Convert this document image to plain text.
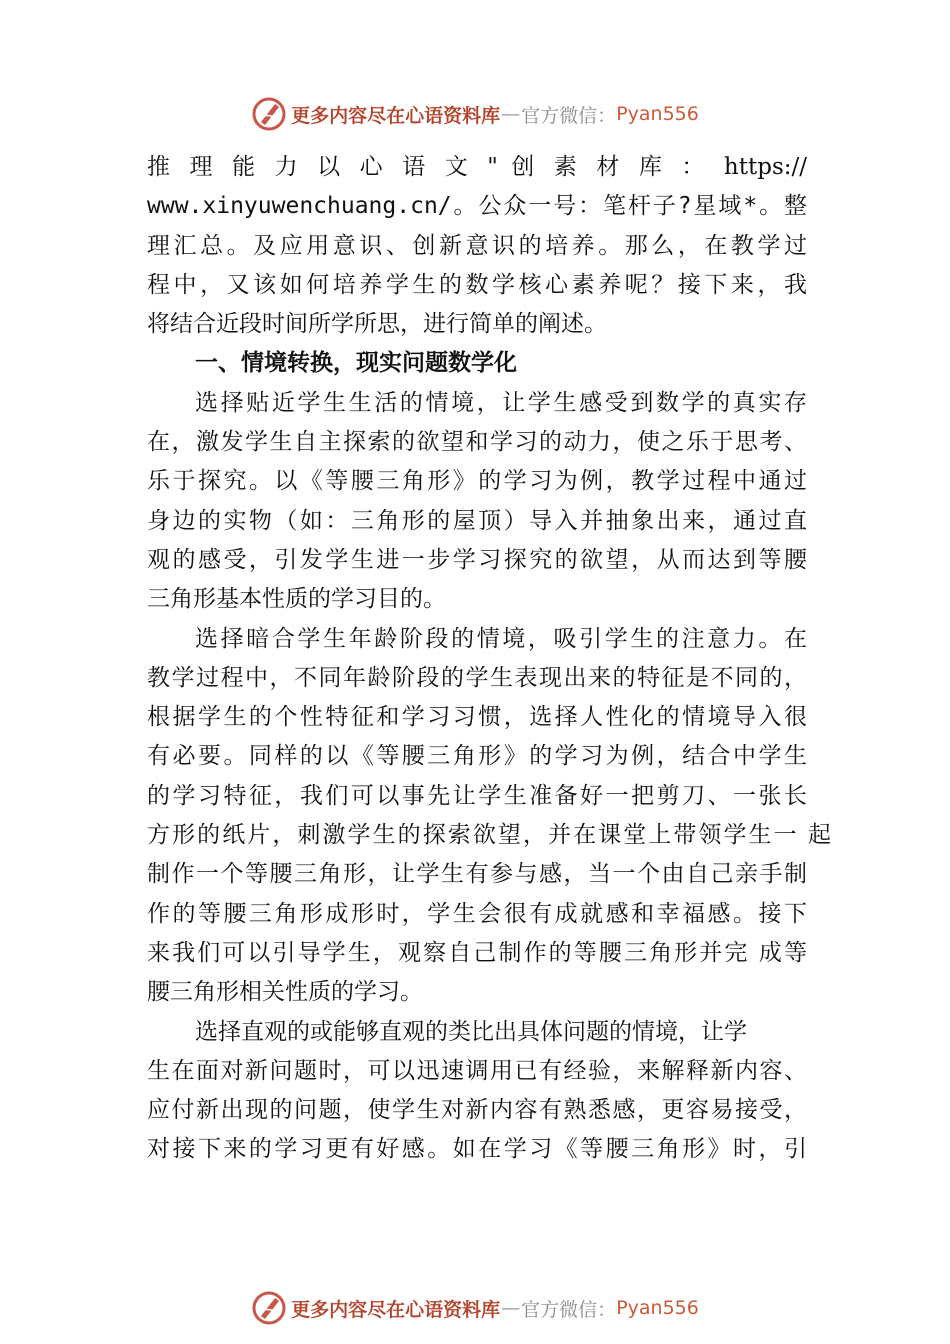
更多内容尽在心语资料库 — 官方微信： Pyan556
推 理 能 力 以 心 语 文 " 创 素 材 库 ： https://
www.xinyuwenchuang.cn/。公众一号：笔杆子?星域*。整
理汇总。及应用意识、创新意识的培养。那么，在教学过
程中，又该如何培养学生的数学核心素养呢？接下来，我
将结合近段时间所学所思，进行简单的阐述。
一、情境转换，现实问题数学化
选择贴近学生生活的情境，让学生感受到数学的真实存
在，激发学生自主探索的欲望和学习的动力，使之乐于思考、
乐于探究。以《等腰三角形》的学习为例，教学过程中通过
身边的实物（如：三角形的屋顶）导入并抽象出来，通过直
观的感受，引发学生进一步学习探究的欲望，从而达到等腰
三角形基本性质的学习目的。
选择暗合学生年龄阶段的情境，吸引学生的注意力。在
教学过程中，不同年龄阶段的学生表现出来的特征是不同的，
根据学生的个性特征和学习习惯，选择人性化的情境导入很
有必要。同样的以《等腰三角形》的学习为例，结合中学生
的学习特征，我们可以事先让学生准备好一把剪刀、一张长
方形的纸片，刺激学生的探索欲望，并在课堂上带领学生一 起
制作一个等腰三角形，让学生有参与感，当一个由自己亲手制
作的等腰三角形成形时，学生会很有成就感和幸福感。接下
来我们可以引导学生，观察自己制作的等腰三角形并完 成等
腰三角形相关性质的学习。
选择直观的或能够直观的类比出具体问题的情境，让学
生在面对新问题时，可以迅速调用已有经验，来解释新内容、
应付新出现的问题，使学生对新内容有熟悉感，更容易接受，
对接下来的学习更有好感。如在学习《等腰三角形》时，引
更多内容尽在心语资料库 — 官方微信： Pyan556
